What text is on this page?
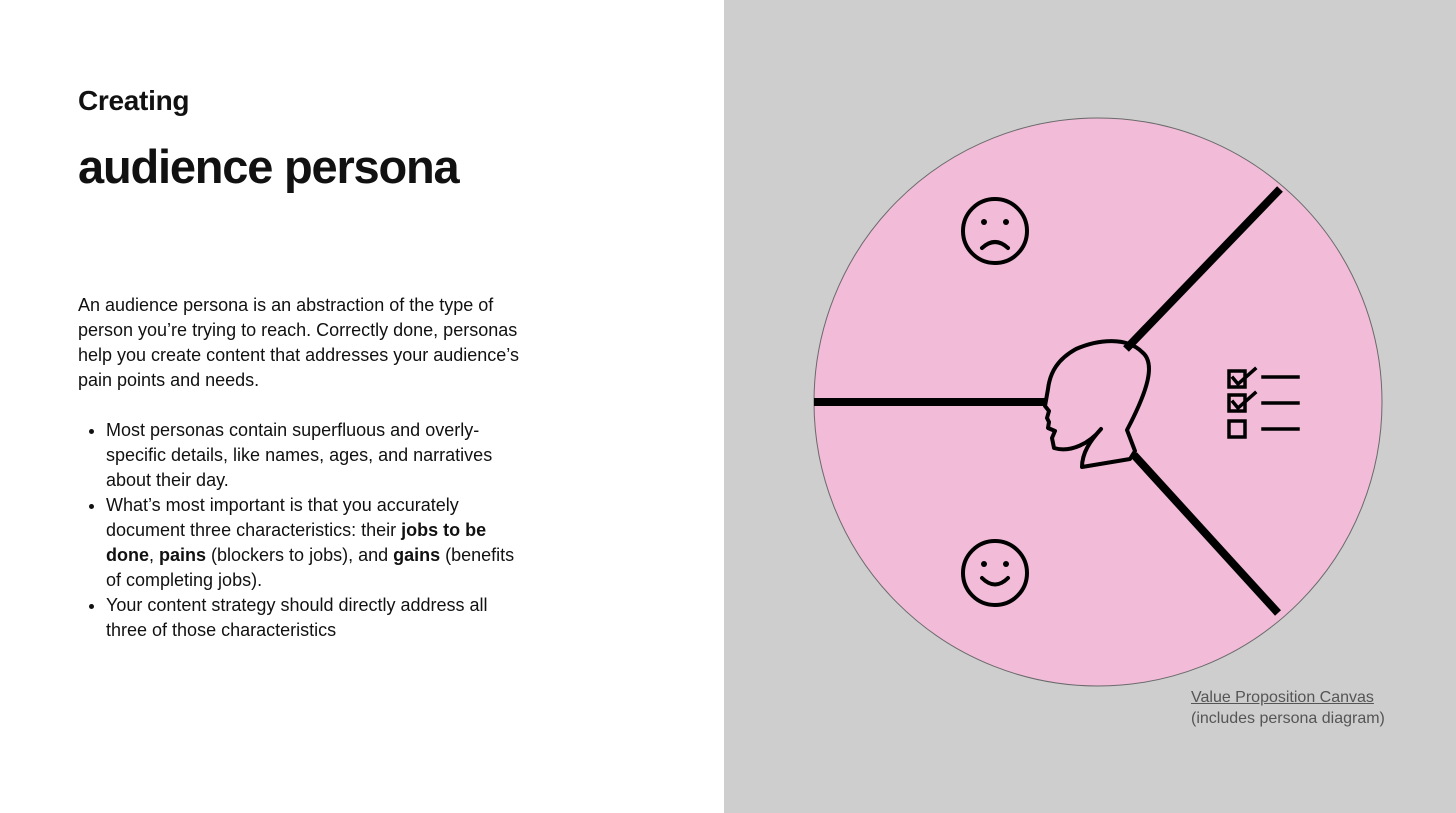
Creating
audience persona

An audience persona is an abstraction of the type of person you’re trying to reach. Correctly done, personas help you create content that addresses your audience’s pain points and needs.

• Most personas contain superfluous and overly-specific details, like names, ages, and narratives about their day.
• What’s most important is that you accurately document three characteristics: their jobs to be done, pains (blockers to jobs), and gains (benefits of completing jobs).
• Your content strategy should directly address all three of those characteristics
Value Proposition Canvas
(includes persona diagram)
